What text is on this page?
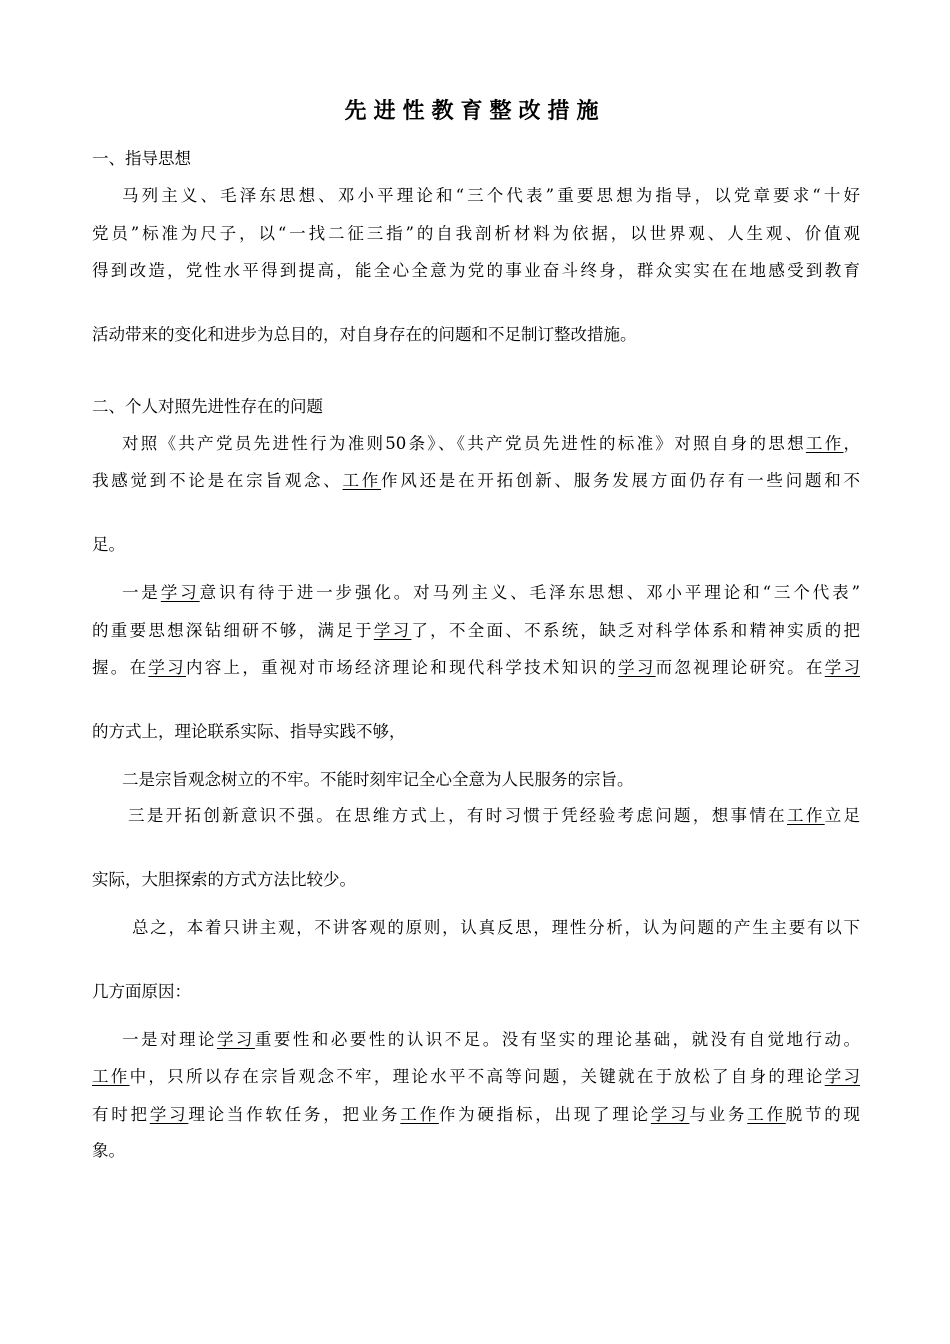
先进性教育整改措施
一、指导思想
马列主义、毛泽东思想、邓小平理论和“三个代表”重要思想为指导，以党章要求“十好
党员”标准为尺子，以“一找二征三指”的自我剖析材料为依据，以世界观、人生观、价值观
得到改造，党性水平得到提高，能全心全意为党的事业奋斗终身，群众实实在在地感受到教育
活动带来的变化和进步为总目的，对自身存在的问题和不足制订整改措施。
二、个人对照先进性存在的问题
对照《共产党员先进性行为准则50条》、《共产党员先进性的标准》对照自身的思想工作，
我感觉到不论是在宗旨观念、工作作风还是在开拓创新、服务发展方面仍存有一些问题和不
足。
一是学习意识有待于进一步强化。对马列主义、毛泽东思想、邓小平理论和“三个代表”
的重要思想深钻细研不够，满足于学习了，不全面、不系统，缺乏对科学体系和精神实质的把
握。在学习内容上，重视对市场经济理论和现代科学技术知识的学习而忽视理论研究。在学习
的方式上，理论联系实际、指导实践不够，
二是宗旨观念树立的不牢。不能时刻牢记全心全意为人民服务的宗旨。
三是开拓创新意识不强。在思维方式上，有时习惯于凭经验考虑问题，想事情在工作立足
实际，大胆探索的方式方法比较少。
总之，本着只讲主观，不讲客观的原则，认真反思，理性分析，认为问题的产生主要有以下
几方面原因：
一是对理论学习重要性和必要性的认识不足。没有坚实的理论基础，就没有自觉地行动。
工作中，只所以存在宗旨观念不牢，理论水平不高等问题，关键就在于放松了自身的理论学习
有时把学习理论当作软任务，把业务工作作为硬指标，出现了理论学习与业务工作脱节的现
象。
